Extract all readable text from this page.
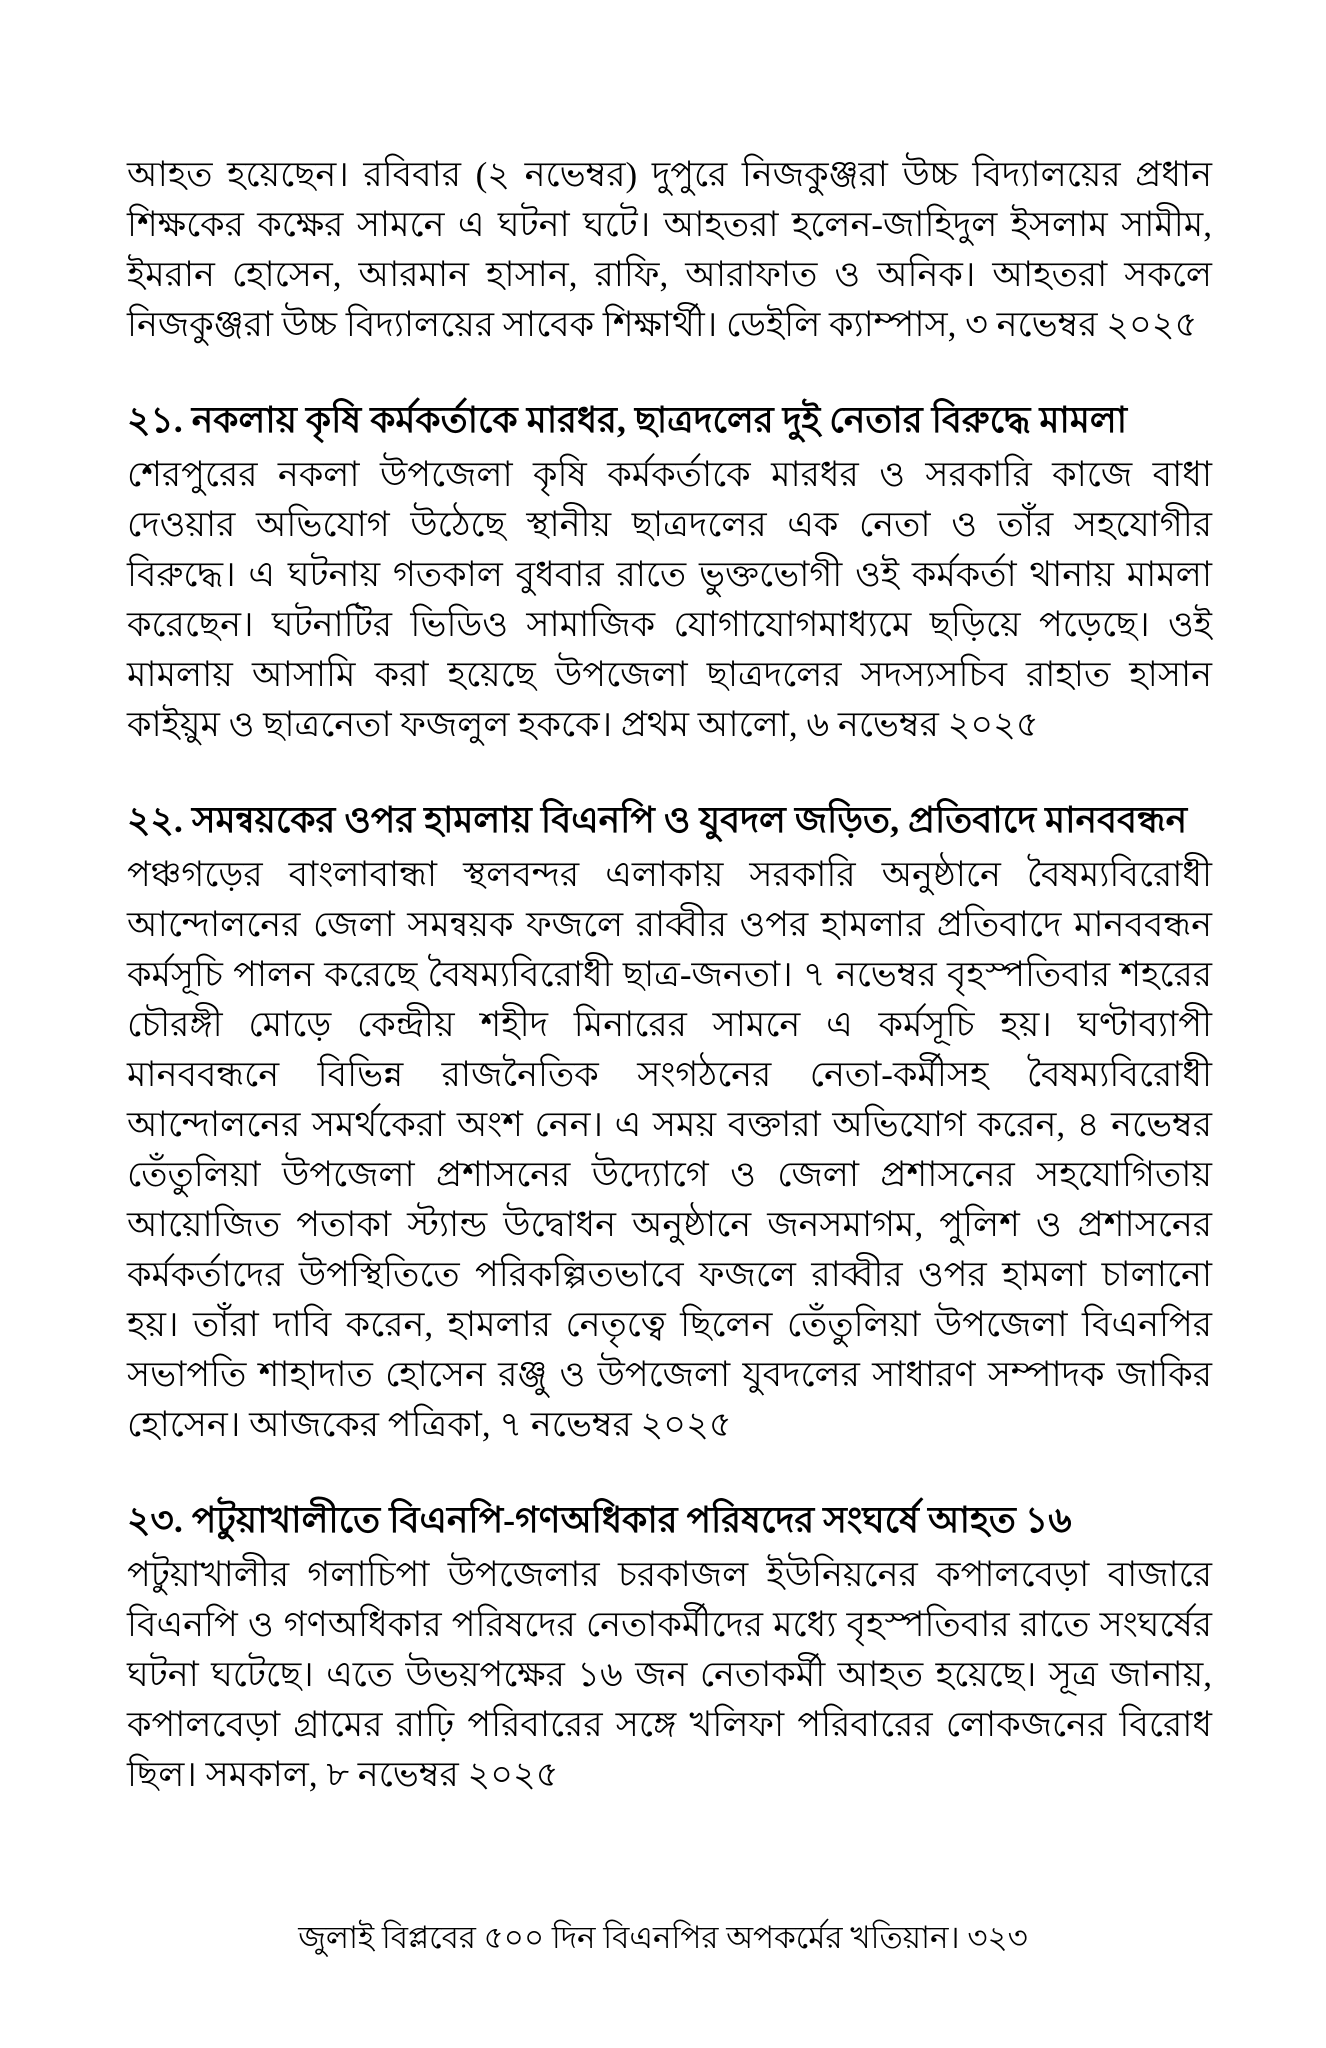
আহত হয়েছেন। রবিবার (২ নভেম্বর) দুপুরে নিজকুঞ্জরা উচ্চ বিদ্যালয়ের প্রধান শিক্ষকের কক্ষের সামনে এ ঘটনা ঘটে। আহতরা হলেন-জাহিদুল ইসলাম সামীম, ইমরান হোসেন, আরমান হাসান, রাফি, আরাফাত ও অনিক। আহতরা সকলে নিজকুঞ্জরা উচ্চ বিদ্যালয়ের সাবেক শিক্ষার্থী। ডেইলি ক্যাম্পাস, ৩ নভেম্বর ২০২৫

২১. নকলায় কৃষি কর্মকর্তাকে মারধর, ছাত্রদলের দুই নেতার বিরুদ্ধে মামলা

শেরপুরের নকলা উপজেলা কৃষি কর্মকর্তাকে মারধর ও সরকারি কাজে বাধা দেওয়ার অভিযোগ উঠেছে স্থানীয় ছাত্রদলের এক নেতা ও তাঁর সহযোগীর বিরুদ্ধে। এ ঘটনায় গতকাল বুধবার রাতে ভুক্তভোগী ওই কর্মকর্তা থানায় মামলা করেছেন। ঘটনাটির ভিডিও সামাজিক যোগাযোগমাধ্যমে ছড়িয়ে পড়েছে। ওই মামলায় আসামি করা হয়েছে উপজেলা ছাত্রদলের সদস্যসচিব রাহাত হাসান কাইয়ুম ও ছাত্রনেতা ফজলুল হককে। প্রথম আলো, ৬ নভেম্বর ২০২৫

২২. সমন্বয়কের ওপর হামলায় বিএনপি ও যুবদল জড়িত, প্রতিবাদে মানববন্ধন

পঞ্চগড়ের বাংলাবান্ধা স্থলবন্দর এলাকায় সরকারি অনুষ্ঠানে বৈষম্যবিরোধী আন্দোলনের জেলা সমন্বয়ক ফজলে রাব্বীর ওপর হামলার প্রতিবাদে মানববন্ধন কর্মসূচি পালন করেছে বৈষম্যবিরোধী ছাত্র-জনতা। ৭ নভেম্বর বৃহস্পতিবার শহরের চৌরঙ্গী মোড়ে কেন্দ্রীয় শহীদ মিনারের সামনে এ কর্মসূচি হয়। ঘণ্টাব্যাপী মানববন্ধনে বিভিন্ন রাজনৈতিক সংগঠনের নেতা-কর্মীসহ বৈষম্যবিরোধী আন্দোলনের সমর্থকেরা অংশ নেন। এ সময় বক্তারা অভিযোগ করেন, ৪ নভেম্বর তেঁতুলিয়া উপজেলা প্রশাসনের উদ্যোগে ও জেলা প্রশাসনের সহযোগিতায় আয়োজিত পতাকা স্ট্যান্ড উদ্বোধন অনুষ্ঠানে জনসমাগম, পুলিশ ও প্রশাসনের কর্মকর্তাদের উপস্থিতিতে পরিকল্পিতভাবে ফজলে রাব্বীর ওপর হামলা চালানো হয়। তাঁরা দাবি করেন, হামলার নেতৃত্বে ছিলেন তেঁতুলিয়া উপজেলা বিএনপির সভাপতি শাহাদাত হোসেন রঞ্জু ও উপজেলা যুবদলের সাধারণ সম্পাদক জাকির হোসেন। আজকের পত্রিকা, ৭ নভেম্বর ২০২৫

২৩. পটুয়াখালীতে বিএনপি-গণঅধিকার পরিষদের সংঘর্ষে আহত ১৬

পটুয়াখালীর গলাচিপা উপজেলার চরকাজল ইউনিয়নের কপালবেড়া বাজারে বিএনপি ও গণঅধিকার পরিষদের নেতাকর্মীদের মধ্যে বৃহস্পতিবার রাতে সংঘর্ষের ঘটনা ঘটেছে। এতে উভয়পক্ষের ১৬ জন নেতাকর্মী আহত হয়েছে। সূত্র জানায়, কপালবেড়া গ্রামের রাঢ়ি পরিবারের সঙ্গে খলিফা পরিবারের লোকজনের বিরোধ ছিল। সমকাল, ৮ নভেম্বর ২০২৫

জুলাই বিপ্লবের ৫০০ দিন বিএনপির অপকর্মের খতিয়ান। ৩২৩
